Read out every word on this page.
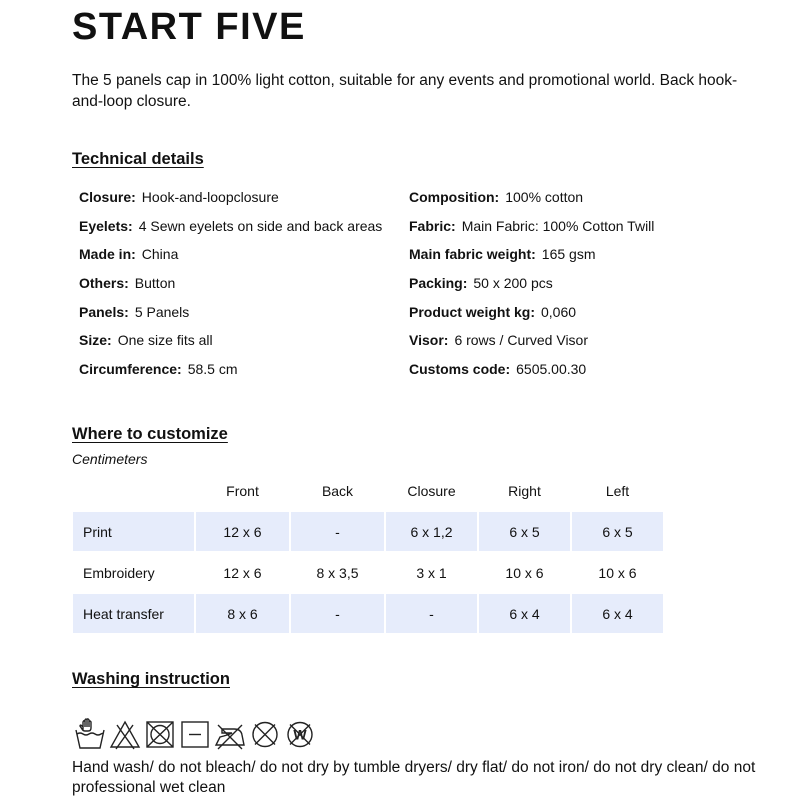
START FIVE

The 5 panels cap in 100% light cotton, suitable for any events and promotional world. Back hook-and-loop closure.

Technical details
Closure: Hook-and-loopclosure
Eyelets: 4 Sewn eyelets on side and back areas
Made in: China
Others: Button
Panels: 5 Panels
Size: One size fits all
Circumference: 58.5 cm
Composition: 100% cotton
Fabric: Main Fabric: 100% Cotton Twill
Main fabric weight: 165 gsm
Packing: 50 x 200 pcs
Product weight kg: 0,060
Visor: 6 rows / Curved Visor
Customs code: 6505.00.30
Where to customize
Centimeters
	Front	Back	Closure	Right	Left
Print	12 x 6	-	6 x 1,2	6 x 5	6 x 5
Embroidery	12 x 6	8 x 3,5	3 x 1	10 x 6	10 x 6
Heat transfer	8 x 6	-	-	6 x 4	6 x 4
Washing instruction
W

Hand wash/ do not bleach/ do not dry by tumble dryers/ dry flat/ do not iron/ do not dry clean/ do not professional wet clean
